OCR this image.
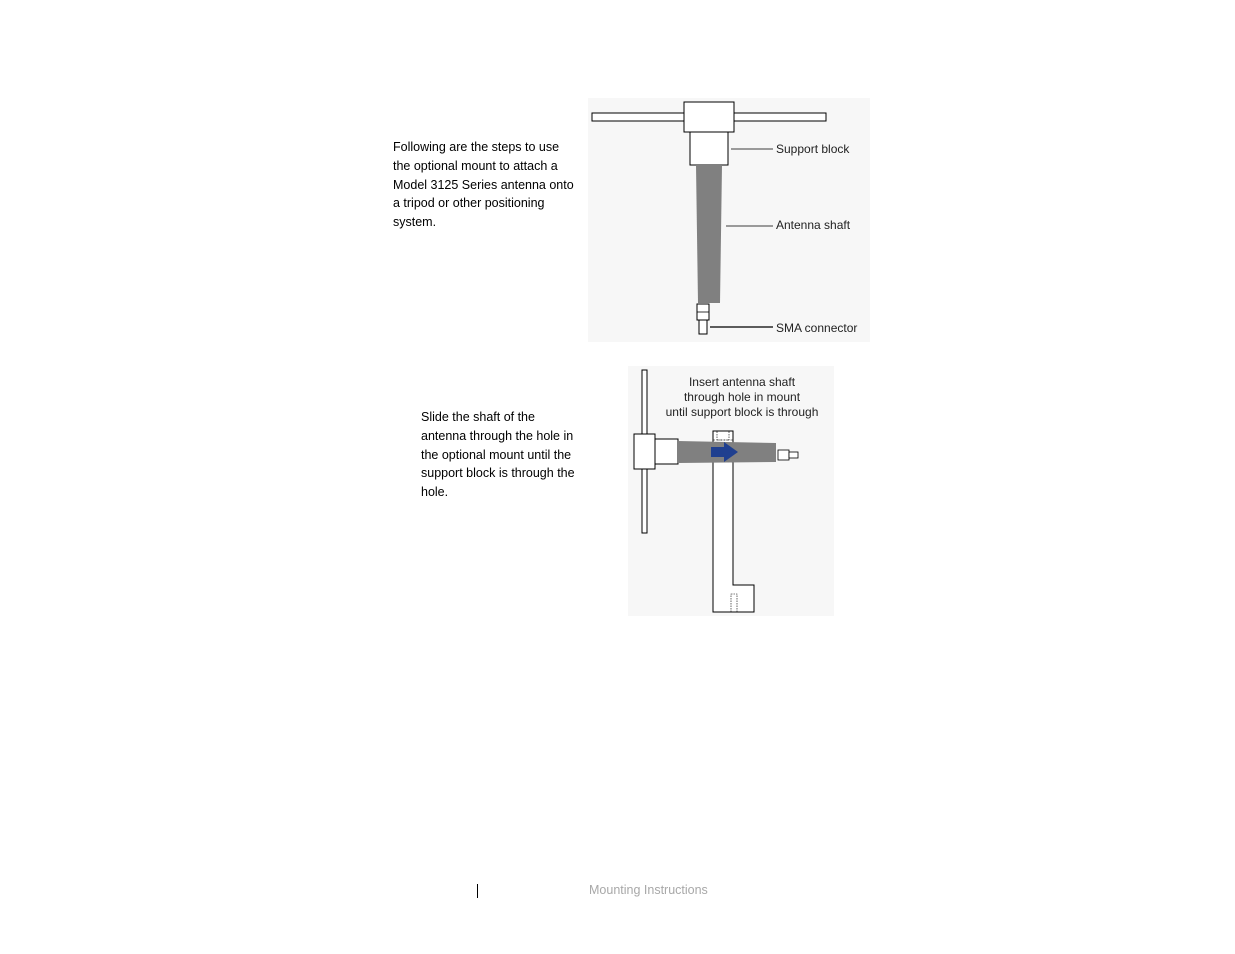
Following are the steps to use the optional mount to attach a Model 3125 Series antenna onto a tripod or other positioning system.

Support block
Antenna shaft
SMA connector

Slide the shaft of the antenna through the hole in the optional mount until the support block is through the hole.

Insert antenna shaft
through hole in mount
until support block is through
Mounting Instructions
